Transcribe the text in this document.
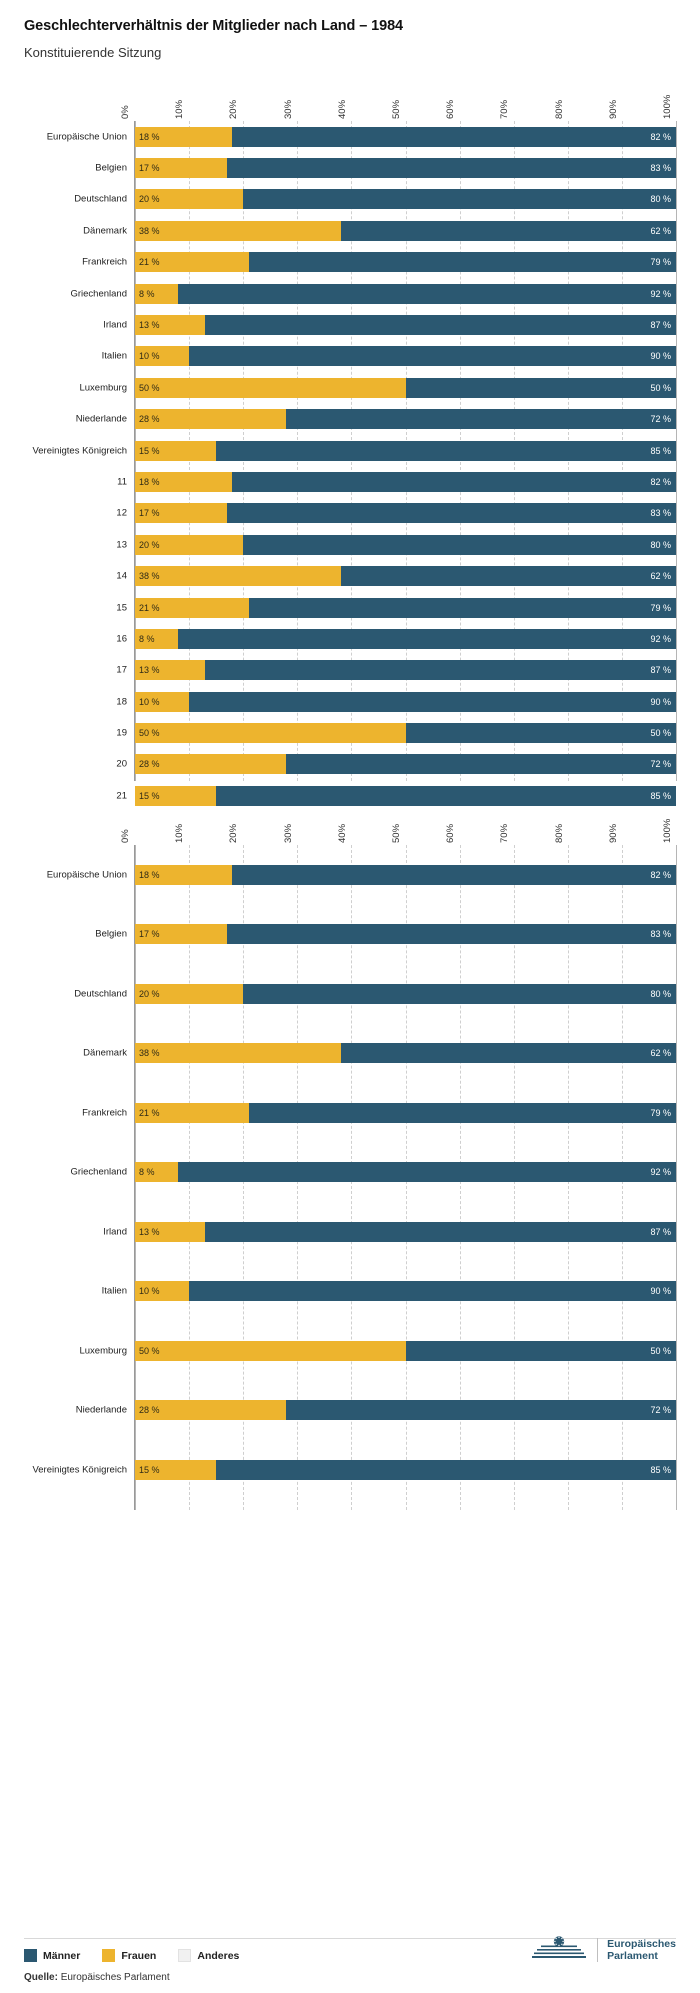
Geschlechterverhältnis der Mitglieder nach Land – 1984
Konstituierende Sitzung
0%	10%	20%	30%	40%	50%	60%	70%	80%	90%	100%
Europäische Union 18 %	82 %
Belgien 17 %	83 %
Deutschland 20 %	80 %
Dänemark 38 %	62 %
Frankreich 21 %	79 %
Griechenland 8 %	92 %
Irland 13 %	87 %
Italien 10 %	90 %
Luxemburg 50 %	50 %
Niederlande 28 %	72 %
Vereinigtes Königreich 15 %	85 %
11 18 %	82 %
12 17 %	83 %
13 20 %	80 %
14 38 %	62 %
15 21 %	79 %
16 8 %	92 %
17 13 %	87 %
18 10 %	90 %
19 50 %	50 %
20 28 %	72 %
21 15 %	85 %
0%	10%	20%	30%	40%	50%	60%	70%	80%	90%	100%
Europäische Union 18 %	82 %
Belgien 17 %	83 %
Deutschland 20 %	80 %
Dänemark 38 %	62 %
Frankreich 21 %	79 %
Griechenland 8 %	92 %
Irland 13 %	87 %
Italien 10 %	90 %
Luxemburg 50 %	50 %
Niederlande 28 %	72 %
Vereinigtes Königreich 15 %	85 %
Männer	Frauen	Anderes
Quelle: Europäisches Parlament
Europäisches
Parlament
